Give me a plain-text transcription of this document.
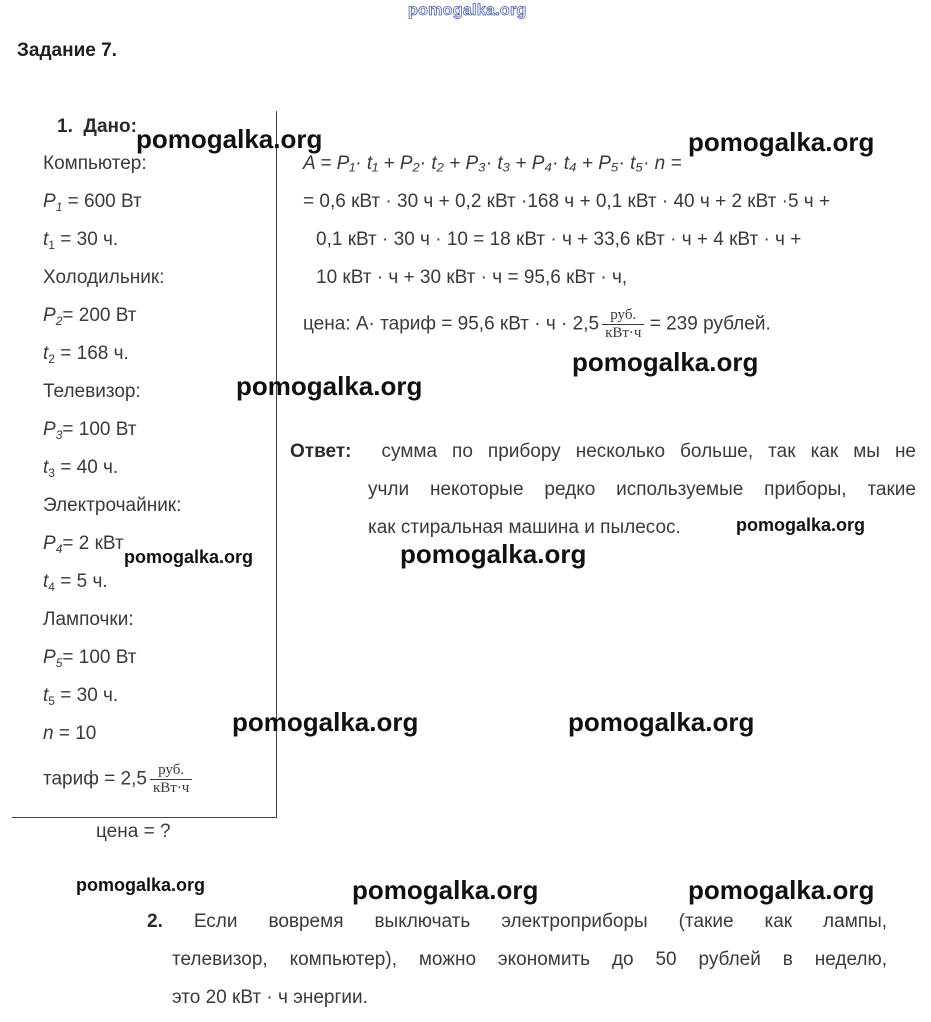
pomogalka.org
Задание 7.
1. Дано:
Компьютер:
$P_1 = 600$ Вт
$t_1 = 30$ ч.
Холодильник:
$P_2= 200$ Вт
$t_2 = 168$ ч.
Телевизор:
$P_3= 100$ Вт
$t_3 = 40$ ч.
Электрочайник:
$P_4= 2$ кВт
$t_4 = 5$ ч.
Лампочки:
$P_5= 100$ Вт
$t_5 = 30$ ч.
n = 10
тариф = $2,5 \frac{\text{руб.}}{\text{кВт·ч}}$
цена = ?
A = P₁· t₁ + P₂· t₂ + P₃· t₃ + P₄· t₄ + P₅· t₅· n =
= 0,6 кВт · 30 ч + 0,2 кВт ·168 ч + 0,1 кВт · 40 ч + 2 кВт ·5 ч +
0,1 кВт · 30 ч · 10 = 18 кВт · ч + 33,6 кВт · ч + 4 кВт · ч +
10 кВт · ч + 30 кВт · ч = 95,6 кВт · ч,
цена: А· тариф = 95,6 кВт · $ч \cdot 2,5 \frac{\text{руб.}}{\text{кВт·ч}} = 239$ рублей.
Ответ: сумма по прибору несколько больше, так как мы не
учли некоторые редко используемые приборы, такие
как стиральная машина и пылесос.
2. Если вовремя выключать электроприборы (такие как лампы,
телевизор, компьютер), можно экономить до 50 рублей в неделю,
это 20 кВт · ч энергии.
pomogalka.org	pomogalka.org
pomogalka.org
pomogalka.org
pomogalka.org
pomogalka.org	pomogalka.org
pomogalka.org	pomogalka.org
pomogalka.org	pomogalka.org	pomogalka.org
